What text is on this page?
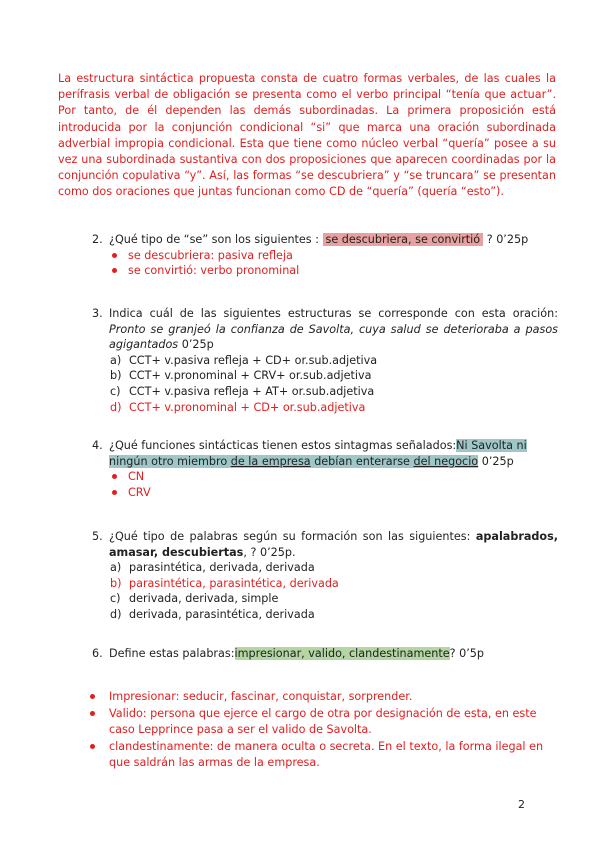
La estructura sintáctica propuesta consta de cuatro formas verbales, de las cuales la perífrasis verbal de obligación se presenta como el verbo principal “tenía que actuar”. Por tanto, de él dependen las demás subordinadas. La primera proposición está introducida por la conjunción condicional “si” que marca una oración subordinada adverbial impropia condicional. Esta que tiene como núcleo verbal “quería” posee a su vez una subordinada sustantiva con dos proposiciones que aparecen coordinadas por la conjunción copulativa “y”. Así, las formas “se descubriera” y “se truncara” se presentan como dos oraciones que juntas funcionan como CD de “quería” (quería “esto”).

2. ¿Qué tipo de “se” son los siguientes : se descubriera, se convirtió ? 0’25p
se descubriera: pasiva refleja
se convirtió: verbo pronominal
3. Indica cuál de las siguientes estructuras se corresponde con esta oración: Pronto se granjeó la confianza de Savolta, cuya salud se deterioraba a pasos agigantados 0’25p
a) CCT+ v.pasiva refleja + CD+ or.sub.adjetiva
b) CCT+ v.pronominal + CRV+ or.sub.adjetiva
c) CCT+ v.pasiva refleja + AT+ or.sub.adjetiva
d) CCT+ v.pronominal + CD+ or.sub.adjetiva
4. ¿Qué funciones sintácticas tienen estos sintagmas señalados:Ni Savolta ni ningún otro miembro de la empresa debían enterarse del negocio 0’25p
CN
CRV
5. ¿Qué tipo de palabras según su formación son las siguientes: apalabrados, amasar, descubiertas, ? 0’25p.
a) parasintética, derivada, derivada
b) parasintética, parasintética, derivada
c) derivada, derivada, simple
d) derivada, parasintética, derivada
6. Define estas palabras:impresionar, valido, clandestinamente? 0’5p
Impresionar: seducir, fascinar, conquistar, sorprender.
Valido: persona que ejerce el cargo de otra por designación de esta, en este caso Lepprince pasa a ser el valido de Savolta.
clandestinamente: de manera oculta o secreta. En el texto, la forma ilegal en que saldrán las armas de la empresa.
2
